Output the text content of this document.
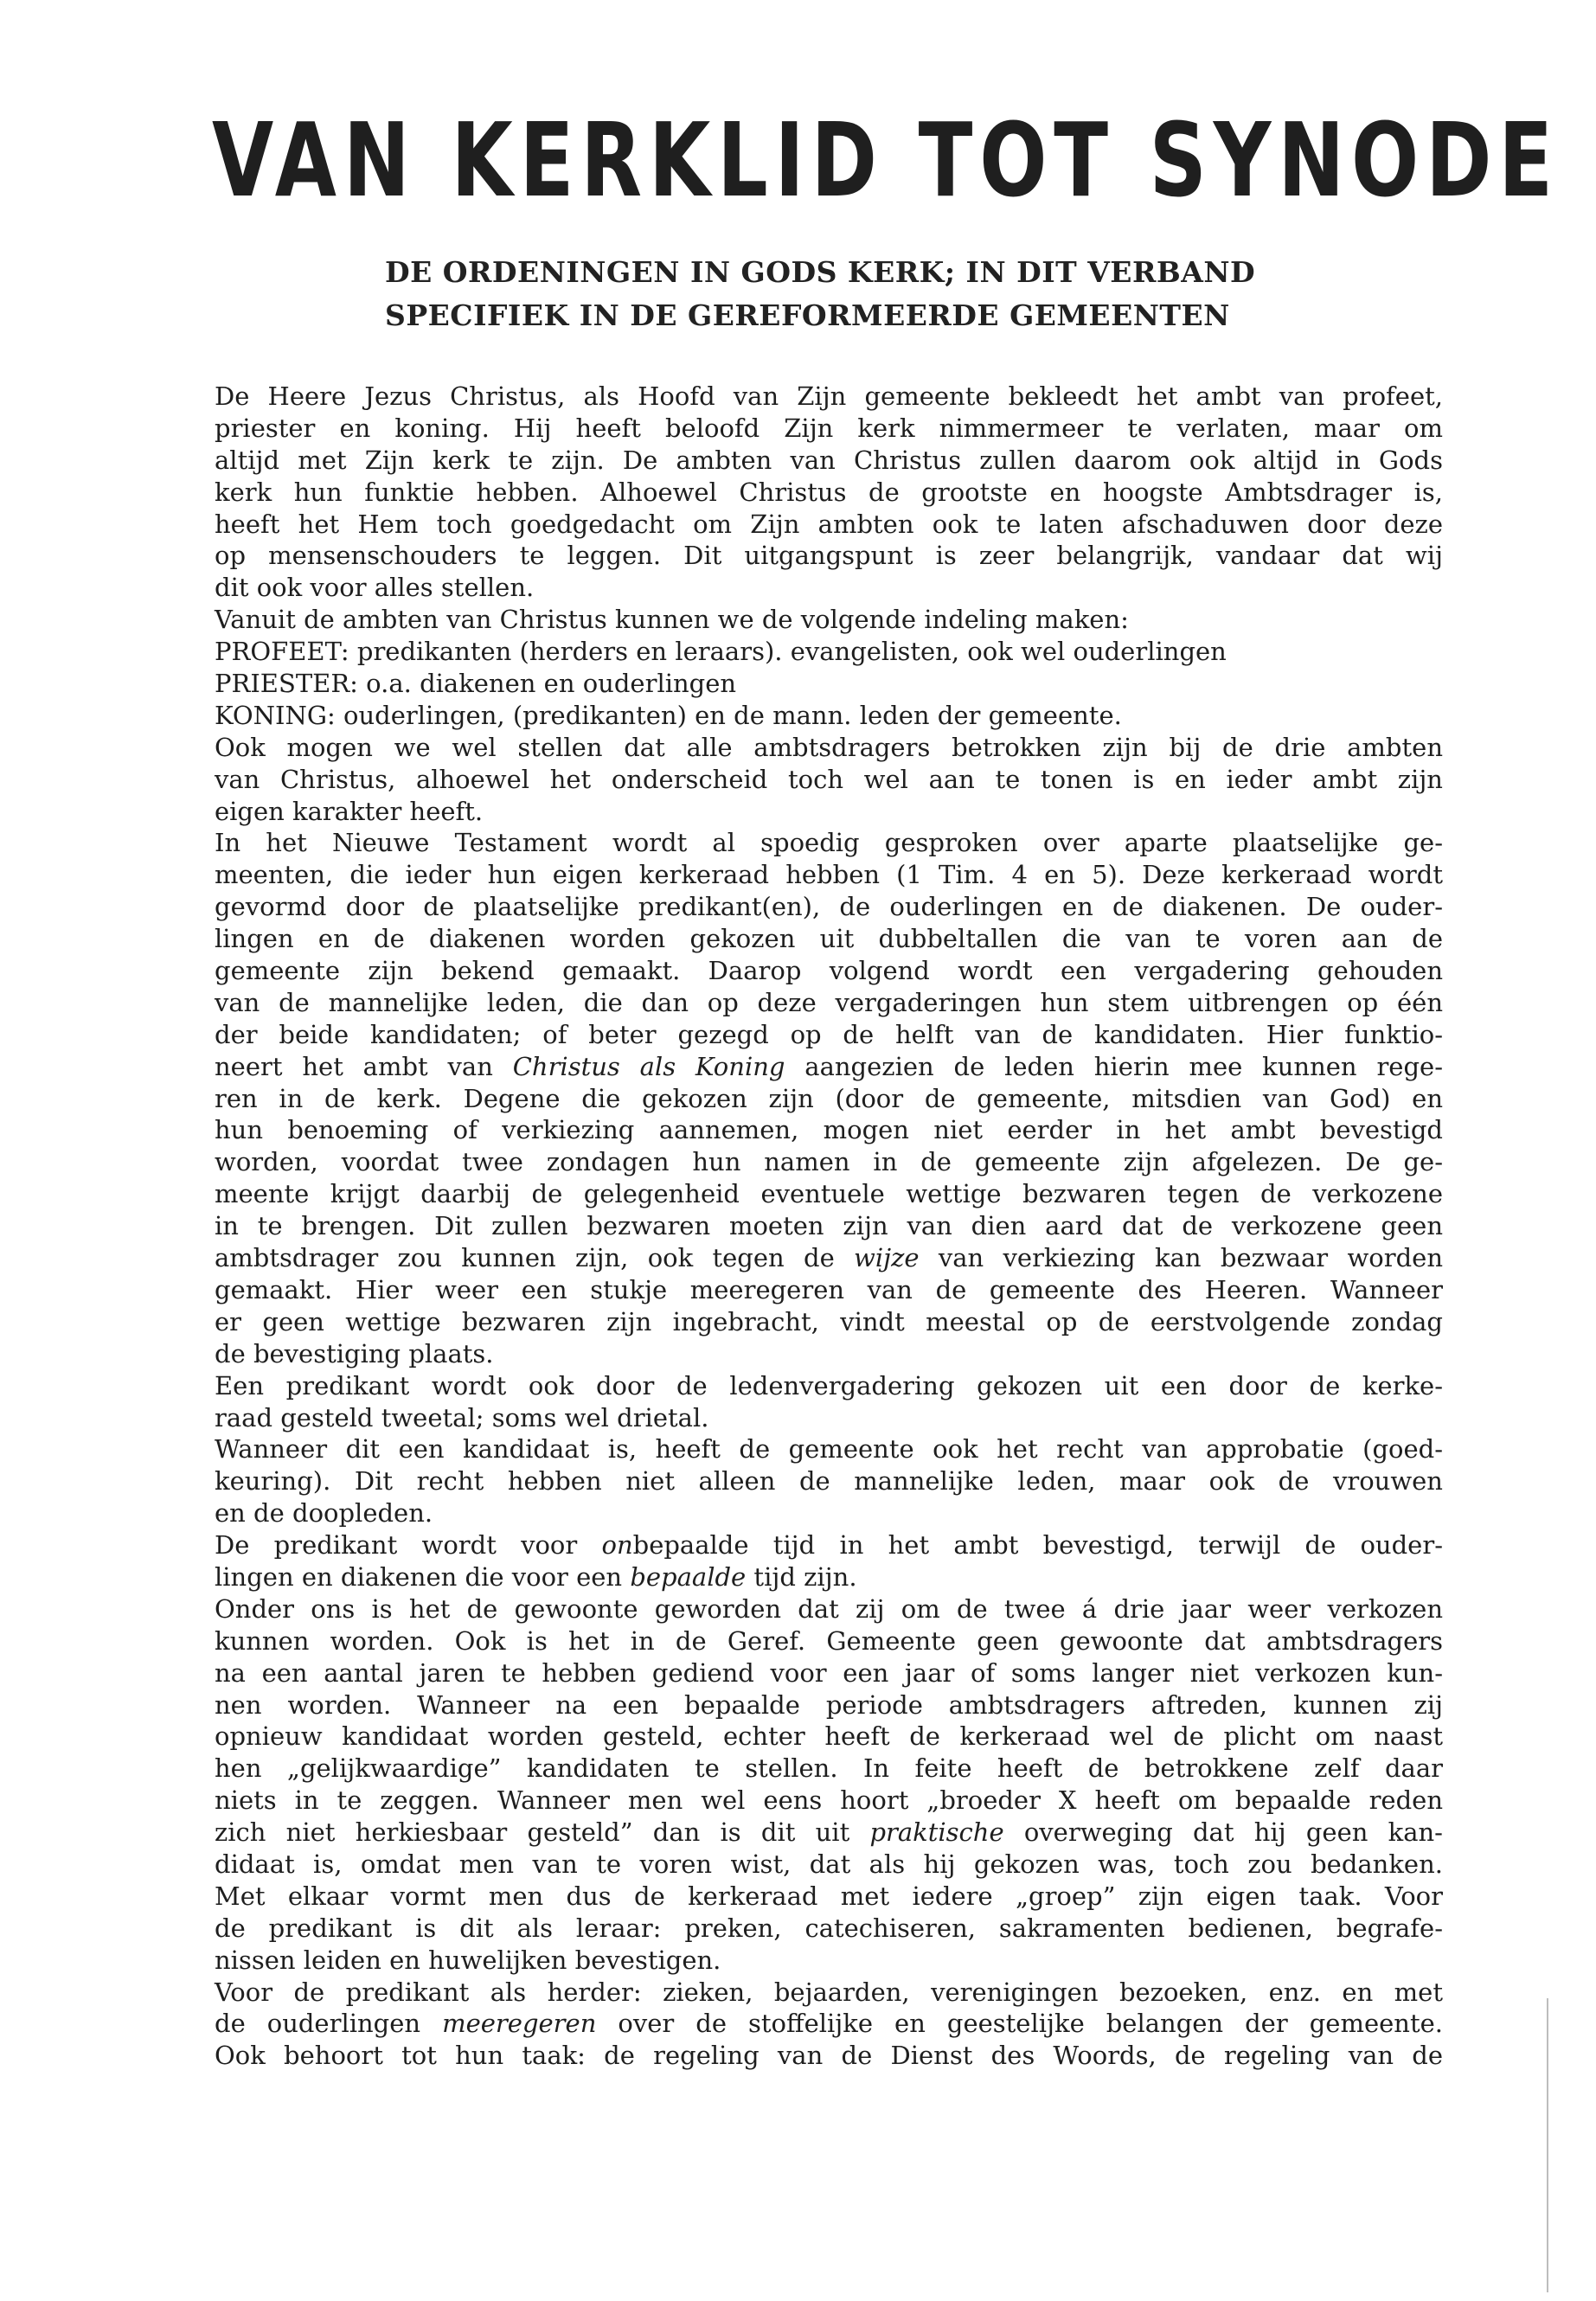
VAN KERKLID TOT SYNODE
DE ORDENINGEN IN GODS KERK; IN DIT VERBAND
SPECIFIEK IN DE GEREFORMEERDE GEMEENTEN
De Heere Jezus Christus, als Hoofd van Zijn gemeente bekleedt het ambt van profeet,
priester en koning. Hij heeft beloofd Zijn kerk nimmermeer te verlaten, maar om
altijd met Zijn kerk te zijn. De ambten van Christus zullen daarom ook altijd in Gods
kerk hun funktie hebben. Alhoewel Christus de grootste en hoogste Ambtsdrager is,
heeft het Hem toch goedgedacht om Zijn ambten ook te laten afschaduwen door deze
op mensenschouders te leggen. Dit uitgangspunt is zeer belangrijk, vandaar dat wij
dit ook voor alles stellen.
Vanuit de ambten van Christus kunnen we de volgende indeling maken:
PROFEET: predikanten (herders en leraars). evangelisten, ook wel ouderlingen
PRIESTER: o.a. diakenen en ouderlingen
KONING: ouderlingen, (predikanten) en de mann. leden der gemeente.
Ook mogen we wel stellen dat alle ambtsdragers betrokken zijn bij de drie ambten
van Christus, alhoewel het onderscheid toch wel aan te tonen is en ieder ambt zijn
eigen karakter heeft.
In het Nieuwe Testament wordt al spoedig gesproken over aparte plaatselijke ge-
meenten, die ieder hun eigen kerkeraad hebben (1 Tim. 4 en 5). Deze kerkeraad wordt
gevormd door de plaatselijke predikant(en), de ouderlingen en de diakenen. De ouder-
lingen en de diakenen worden gekozen uit dubbeltallen die van te voren aan de
gemeente zijn bekend gemaakt. Daarop volgend wordt een vergadering gehouden
van de mannelijke leden, die dan op deze vergaderingen hun stem uitbrengen op één
der beide kandidaten; of beter gezegd op de helft van de kandidaten. Hier funktio-
neert het ambt van Christus als Koning aangezien de leden hierin mee kunnen rege-
ren in de kerk. Degene die gekozen zijn (door de gemeente, mitsdien van God) en
hun benoeming of verkiezing aannemen, mogen niet eerder in het ambt bevestigd
worden, voordat twee zondagen hun namen in de gemeente zijn afgelezen. De ge-
meente krijgt daarbij de gelegenheid eventuele wettige bezwaren tegen de verkozene
in te brengen. Dit zullen bezwaren moeten zijn van dien aard dat de verkozene geen
ambtsdrager zou kunnen zijn, ook tegen de wijze van verkiezing kan bezwaar worden
gemaakt. Hier weer een stukje meeregeren van de gemeente des Heeren. Wanneer
er geen wettige bezwaren zijn ingebracht, vindt meestal op de eerstvolgende zondag
de bevestiging plaats.
Een predikant wordt ook door de ledenvergadering gekozen uit een door de kerke-
raad gesteld tweetal; soms wel drietal.
Wanneer dit een kandidaat is, heeft de gemeente ook het recht van approbatie (goed-
keuring). Dit recht hebben niet alleen de mannelijke leden, maar ook de vrouwen
en de doopleden.
De predikant wordt voor onbepaalde tijd in het ambt bevestigd, terwijl de ouder-
lingen en diakenen die voor een bepaalde tijd zijn.
Onder ons is het de gewoonte geworden dat zij om de twee á drie jaar weer verkozen
kunnen worden. Ook is het in de Geref. Gemeente geen gewoonte dat ambtsdragers
na een aantal jaren te hebben gediend voor een jaar of soms langer niet verkozen kun-
nen worden. Wanneer na een bepaalde periode ambtsdragers aftreden, kunnen zij
opnieuw kandidaat worden gesteld, echter heeft de kerkeraad wel de plicht om naast
hen „gelijkwaardige” kandidaten te stellen. In feite heeft de betrokkene zelf daar
niets in te zeggen. Wanneer men wel eens hoort „broeder X heeft om bepaalde reden
zich niet herkiesbaar gesteld” dan is dit uit praktische overweging dat hij geen kan-
didaat is, omdat men van te voren wist, dat als hij gekozen was, toch zou bedanken.
Met elkaar vormt men dus de kerkeraad met iedere „groep” zijn eigen taak. Voor
de predikant is dit als leraar: preken, catechiseren, sakramenten bedienen, begrafe-
nissen leiden en huwelijken bevestigen.
Voor de predikant als herder: zieken, bejaarden, verenigingen bezoeken, enz. en met
de ouderlingen meeregeren over de stoffelijke en geestelijke belangen der gemeente.
Ook behoort tot hun taak: de regeling van de Dienst des Woords, de regeling van de
